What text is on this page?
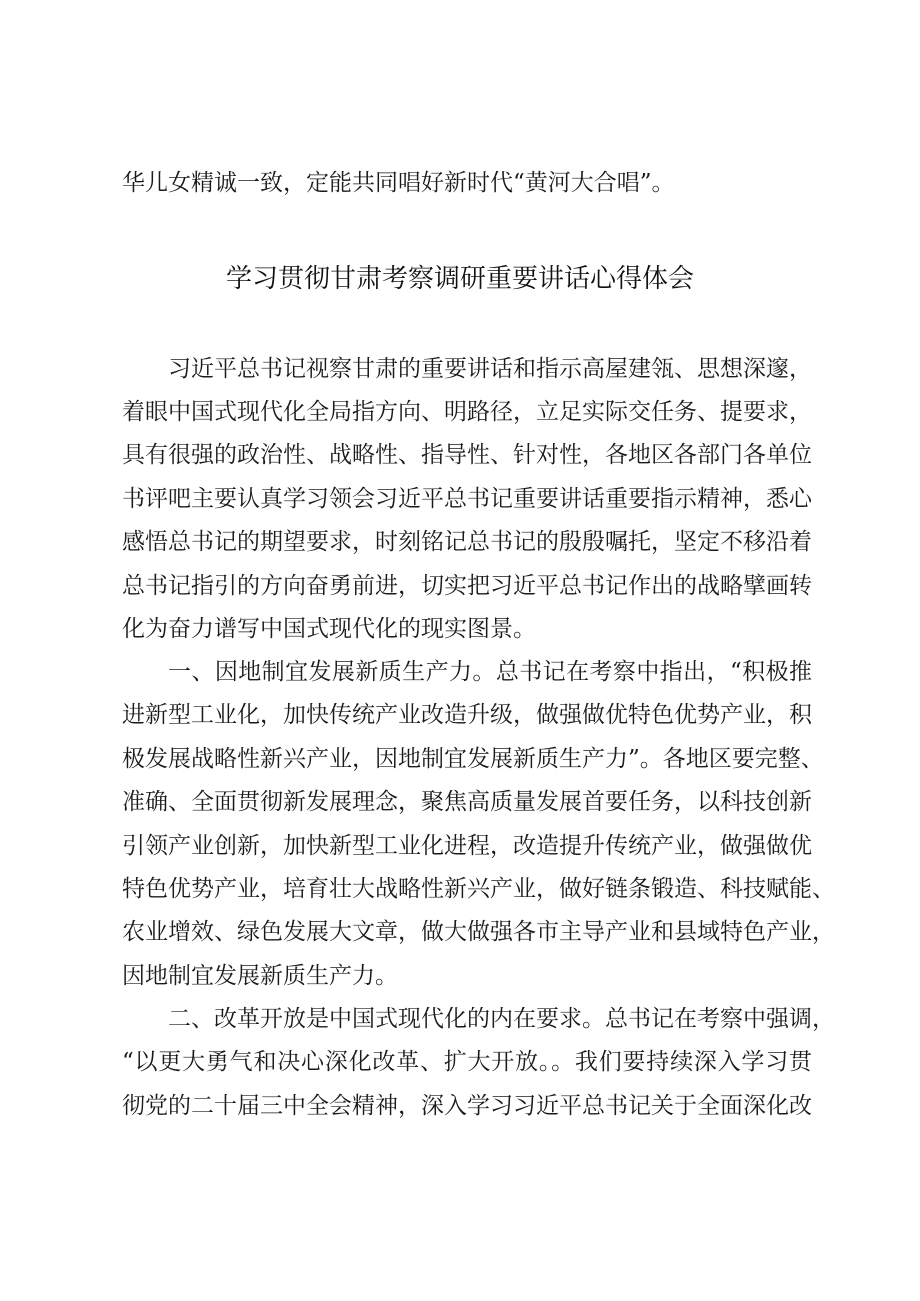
华儿女精诚一致，定能共同唱好新时代“黄河大合唱”。
学习贯彻甘肃考察调研重要讲话心得体会
习近平总书记视察甘肃的重要讲话和指示高屋建瓴、思想深邃，
着眼中国式现代化全局指方向、明路径，立足实际交任务、提要求，
具有很强的政治性、战略性、指导性、针对性，各地区各部门各单位
书评吧主要认真学习领会习近平总书记重要讲话重要指示精神，悉心
感悟总书记的期望要求，时刻铭记总书记的殷殷嘱托，坚定不移沿着
总书记指引的方向奋勇前进，切实把习近平总书记作出的战略擘画转
化为奋力谱写中国式现代化的现实图景。
一、因地制宜发展新质生产力。总书记在考察中指出，“积极推
进新型工业化，加快传统产业改造升级，做强做优特色优势产业，积
极发展战略性新兴产业，因地制宜发展新质生产力”。各地区要完整、
准确、全面贯彻新发展理念，聚焦高质量发展首要任务，以科技创新
引领产业创新，加快新型工业化进程，改造提升传统产业，做强做优
特色优势产业，培育壮大战略性新兴产业，做好链条锻造、科技赋能、
农业增效、绿色发展大文章，做大做强各市主导产业和县域特色产业，
因地制宜发展新质生产力。
二、改革开放是中国式现代化的内在要求。总书记在考察中强调，
“以更大勇气和决心深化改革、扩大开放。。我们要持续深入学习贯
彻党的二十届三中全会精神，深入学习习近平总书记关于全面深化改
